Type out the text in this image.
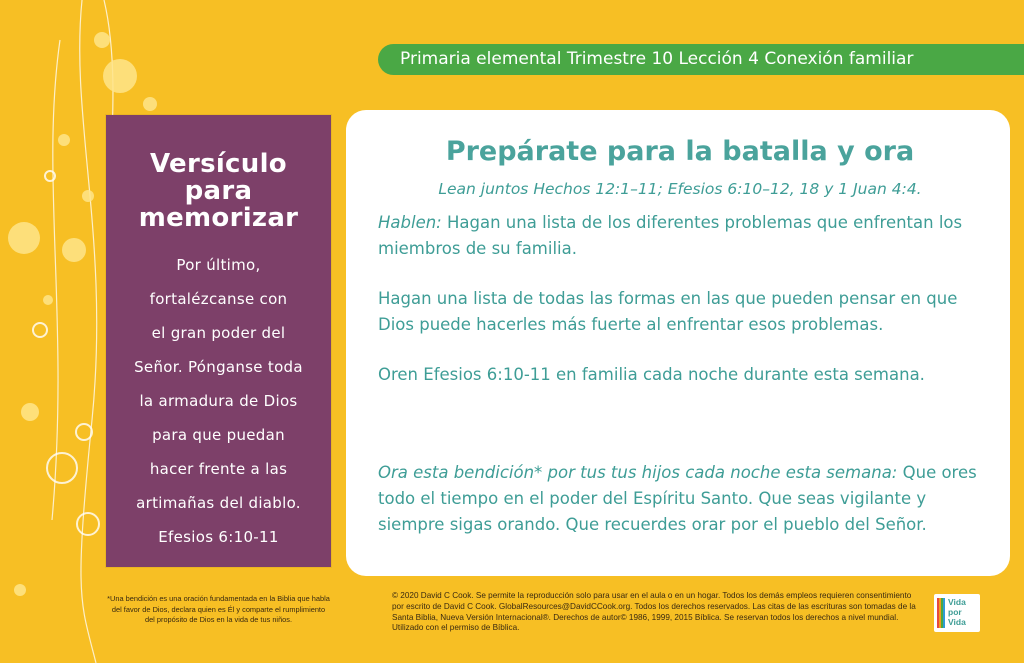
Primaria elemental Trimestre 10 Lección 4 Conexión familiar
Versículo
para
memorizar
Por último,
fortalézcanse con
el gran poder del
Señor. Pónganse toda
la armadura de Dios
para que puedan
hacer frente a las
artimañas del diablo.
Efesios 6:10-11
Prepárate para la batalla y ora

Lean juntos Hechos 12:1–11; Efesios 6:10–12, 18 y 1 Juan 4:4.

Hablen: Hagan una lista de los diferentes problemas que enfrentan los miembros de su familia.

Hagan una lista de todas las formas en las que pueden pensar en que Dios puede hacerles más fuerte al enfrentar esos problemas.

Oren Efesios 6:10-11 en familia cada noche durante esta semana.

Ora esta bendición* por tus tus hijos cada noche esta semana: Que ores todo el tiempo en el poder del Espíritu Santo. Que seas vigilante y siempre sigas orando. Que recuerdes orar por el pueblo del Señor.

*Una bendición es una oración fundamentada en la Biblia que habla del favor de Dios, declara quien es Él y comparte el rumplimiento del propósito de Dios en la vida de tus niños.
© 2020 David C Cook. Se permite la reproducción solo para usar en el aula o en un hogar. Todos los demás empleos requieren consentimiento por escrito de David C Cook. GlobalResources@DavidCCook.org. Todos los derechos reservados. Las citas de las escrituras son tomadas de la Santa Biblia, Nueva Versión Internacional®. Derechos de autor© 1986, 1999, 2015 Bíblica. Se reservan todos los derechos a nivel mundial. Utilizado con el permiso de Bíblica.
Vida
por
Vida
